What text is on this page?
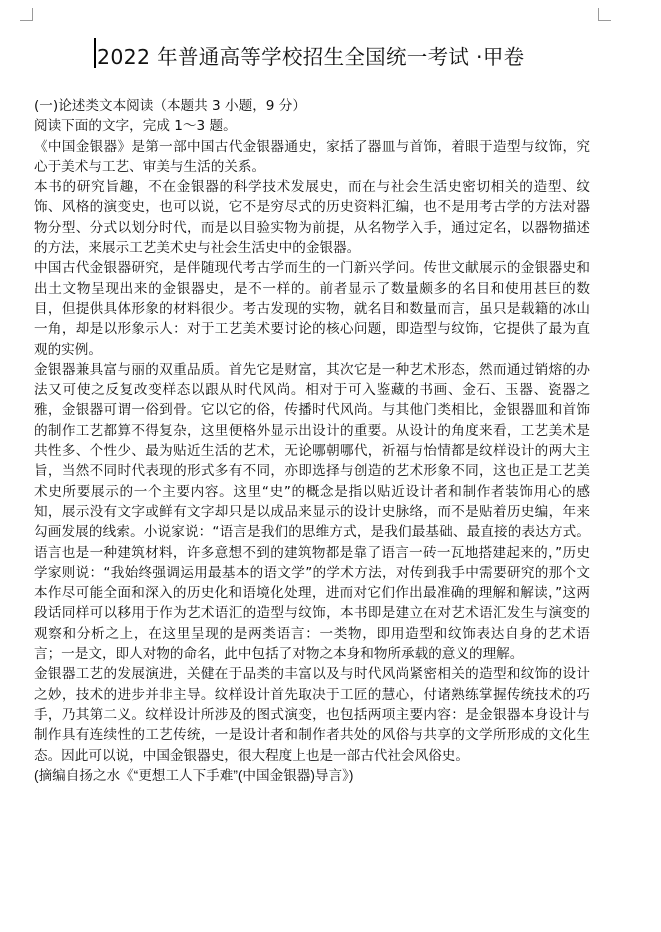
2022 年普通高等学校招生全国统一考试 ·甲卷

(一)论述类文本阅读（本题共 3 小题，9 分）

阅读下面的文字，完成 1～3 题。

《中国金银器》是第一部中国古代金银器通史，家括了器皿与首饰，着眼于造型与纹饰，究心于美术与工艺、审美与生活的关系。

本书的研究旨趣，不在金银器的科学技术发展史，而在与社会生活史密切相关的造型、纹饰、风格的演变史，也可以说，它不是穷尽式的历史资料汇编，也不是用考古学的方法对器物分型、分式以划分时代，而是以目验实物为前提，从名物学入手，通过定名，以器物描述的方法，来展示工艺美术史与社会生活史中的金银器。

中国古代金银器研究，是伴随现代考古学而生的一门新兴学问。传世文献展示的金银器史和出土文物呈现出来的金银器史，是不一样的。前者显示了数量颇多的名目和使用甚巨的数目，但提供具体形象的材料很少。考古发现的实物，就名目和数量而言，虽只是载籍的冰山一角，却是以形象示人：对于工艺美术要讨论的核心问题，即造型与纹饰，它提供了最为直观的实例。

金银器兼具富与丽的双重品质。首先它是财富，其次它是一种艺术形态，然而通过销熔的办法又可使之反复改变样态以跟从时代风尚。相对于可入鉴藏的书画、金石、玉器、瓷器之雅，金银器可谓一俗到骨。它以它的俗，传播时代风尚。与其他门类相比，金银器皿和首饰的制作工艺都算不得复杂，这里便格外显示出设计的重要。从设计的角度来看，工艺美术是共性多、个性少、最为贴近生活的艺术，无论哪朝哪代，祈福与怡情都是纹样设计的两大主旨，当然不同时代表现的形式多有不同，亦即选择与创造的艺术形象不同，这也正是工艺美术史所要展示的一个主要内容。这里“史”的概念是指以贴近设计者和制作者装饰用心的感知，展示没有文字或鲜有文字却只是以成品来显示的设计史脉络，而不是贴着历史编，年来勾画发展的线索。小说家说：“语言是我们的思维方式，是我们最基础、最直接的表达方式。语言也是一种建筑材料，许多意想不到的建筑物都是靠了语言一砖一瓦地搭建起来的，”历史学家则说：“我始终强调运用最基本的语文学”的学术方法，对传到我手中需要研究的那个文本作尽可能全面和深入的历史化和语境化处理，进而对它们作出最准确的理解和解读，”这两段话同样可以移用于作为艺术语汇的造型与纹饰，本书即是建立在对艺术语汇发生与演变的观察和分析之上，在这里呈现的是两类语言：一类物，即用造型和纹饰表达自身的艺术语言；一是文，即人对物的命名，此中包括了对物之本身和物所承载的意义的理解。

金银器工艺的发展演进，关健在于品类的丰富以及与时代风尚紧密相关的造型和纹饰的设计之妙，技术的进步并非主导。纹样设计首先取决于工匠的慧心，付诸熟练掌握传统技术的巧手，乃其第二义。纹样设计所涉及的图式演变，也包括两项主要内容：是金银器本身设计与制作具有连续性的工艺传统，一是设计者和制作者共处的风俗与共享的文学所形成的文化生态。因此可以说，中国金银器史，很大程度上也是一部古代社会风俗史。

(摘编自扬之水《“更想工人下手难”(中国金银器)导言》)
